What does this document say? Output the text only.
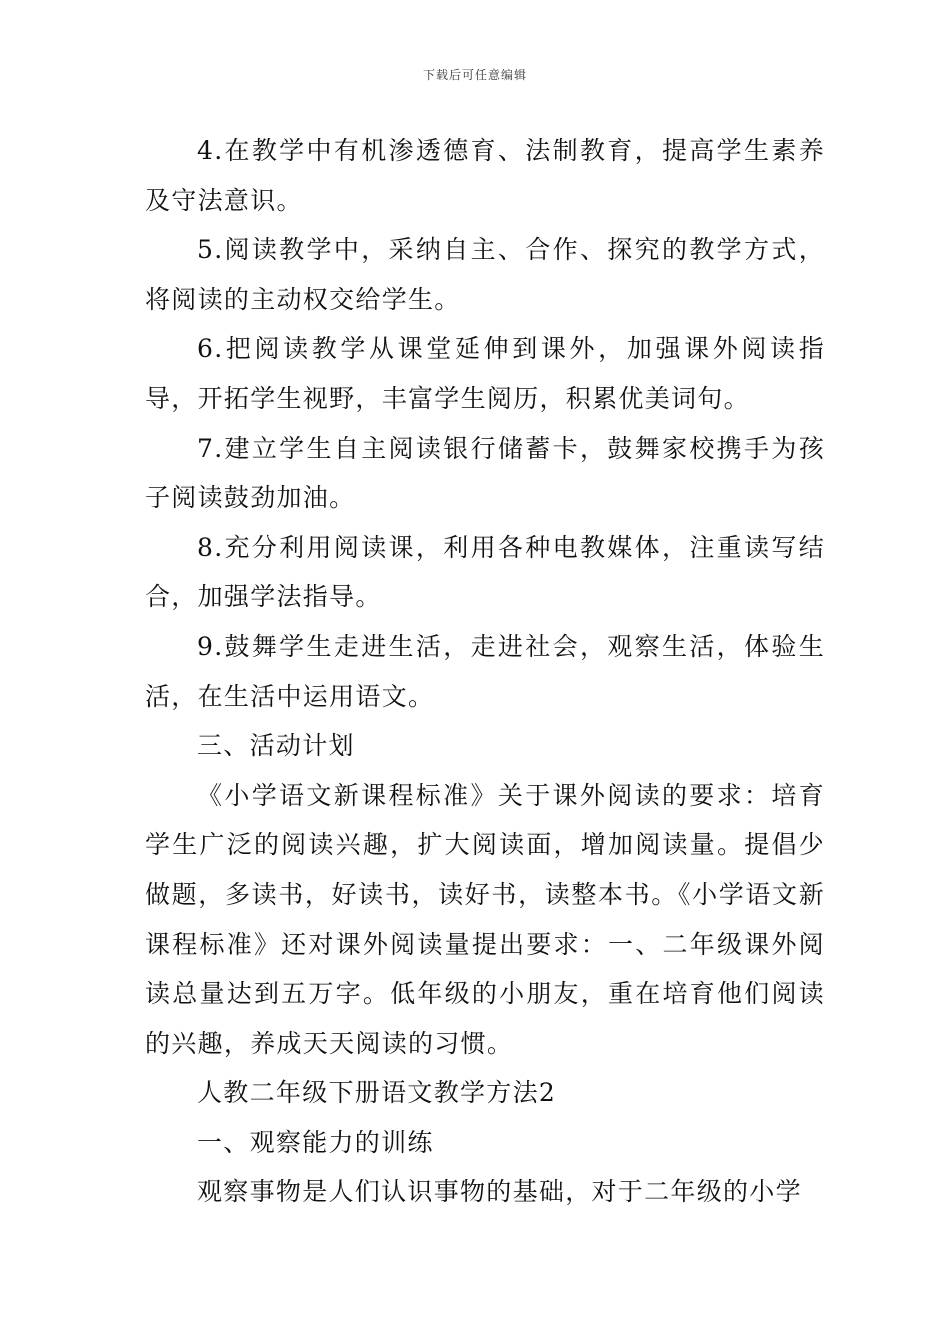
下载后可任意编辑

4.在教学中有机渗透德育、法制教育，提高学生素养及守法意识。

5.阅读教学中，采纳自主、合作、探究的教学方式，将阅读的主动权交给学生。

6.把阅读教学从课堂延伸到课外，加强课外阅读指导，开拓学生视野，丰富学生阅历，积累优美词句。

7.建立学生自主阅读银行储蓄卡，鼓舞家校携手为孩子阅读鼓劲加油。

8.充分利用阅读课，利用各种电教媒体，注重读写结合，加强学法指导。

9.鼓舞学生走进生活，走进社会，观察生活，体验生活，在生活中运用语文。

三、活动计划

《小学语文新课程标准》关于课外阅读的要求：培育学生广泛的阅读兴趣，扩大阅读面，增加阅读量。提倡少做题，多读书，好读书，读好书，读整本书。《小学语文新课程标准》还对课外阅读量提出要求：一、二年级课外阅读总量达到五万字。低年级的小朋友，重在培育他们阅读的兴趣，养成天天阅读的习惯。

人教二年级下册语文教学方法2

一、观察能力的训练

观察事物是人们认识事物的基础，对于二年级的小学
